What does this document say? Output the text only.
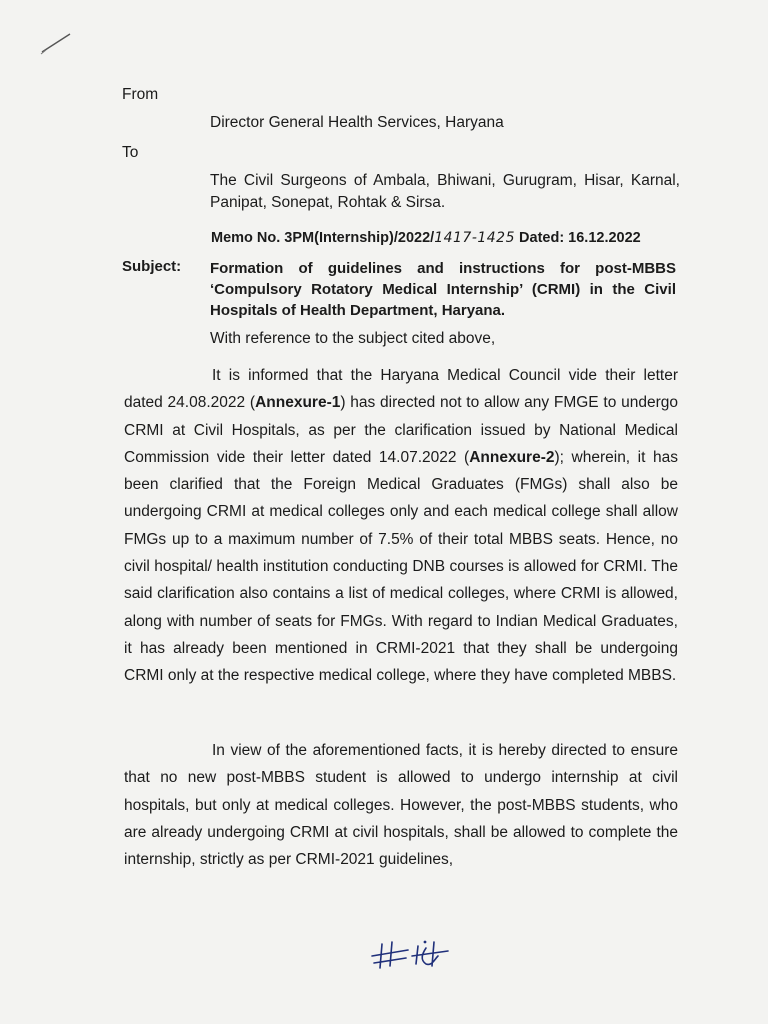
From

Director General Health Services, Haryana

To

The Civil Surgeons of Ambala, Bhiwani, Gurugram, Hisar, Karnal, Panipat, Sonepat, Rohtak & Sirsa.

Memo No. 3PM(Internship)/2022/1417-1425 Dated: 16.12.2022

Subject: Formation of guidelines and instructions for post-MBBS ‘Compulsory Rotatory Medical Internship’ (CRMI) in the Civil Hospitals of Health Department, Haryana.

With reference to the subject cited above,

It is informed that the Haryana Medical Council vide their letter dated 24.08.2022 (Annexure-1) has directed not to allow any FMGE to undergo CRMI at Civil Hospitals, as per the clarification issued by National Medical Commission vide their letter dated 14.07.2022 (Annexure-2); wherein, it has been clarified that the Foreign Medical Graduates (FMGs) shall also be undergoing CRMI at medical colleges only and each medical college shall allow FMGs up to a maximum number of 7.5% of their total MBBS seats. Hence, no civil hospital/ health institution conducting DNB courses is allowed for CRMI. The said clarification also contains a list of medical colleges, where CRMI is allowed, along with number of seats for FMGs. With regard to Indian Medical Graduates, it has already been mentioned in CRMI-2021 that they shall be undergoing CRMI only at the respective medical college, where they have completed MBBS.

In view of the aforementioned facts, it is hereby directed to ensure that no new post-MBBS student is allowed to undergo internship at civil hospitals, but only at medical colleges. However, the post-MBBS students, who are already undergoing CRMI at civil hospitals, shall be allowed to complete the internship, strictly as per CRMI-2021 guidelines,
